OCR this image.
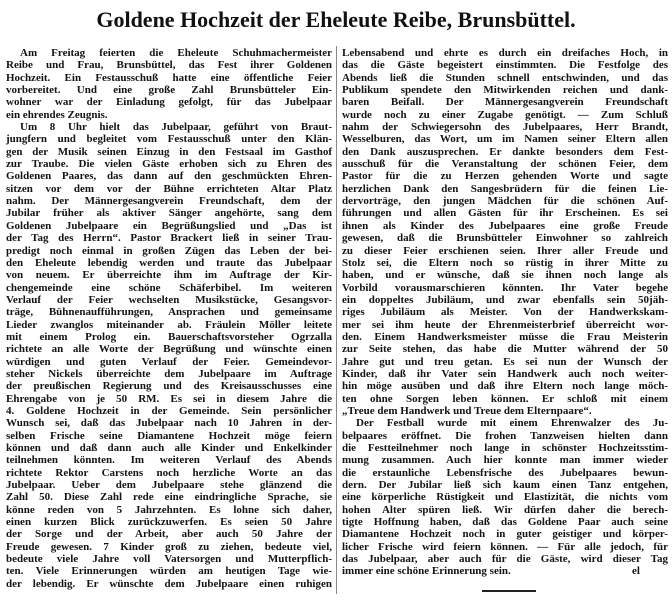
Goldene Hochzeit der Eheleute Reibe, Brunsbüttel.
Am Freitag feierten die Eheleute Schuhmachermeister
Reibe und Frau, Brunsbüttel, das Fest ihrer Goldenen
Hochzeit. Ein Festausschuß hatte eine öffentliche Feier
vorbereitet. Und eine große Zahl Brunsbütteler Ein-
wohner war der Einladung gefolgt, für das Jubelpaar
ein ehrendes Zeugnis.
Um 8 Uhr hielt das Jubelpaar, geführt von Braut-
jungfern und begleitet vom Festausschuß unter den Klän-
gen der Musik seinen Einzug in den Festsaal im Gasthof
zur Traube. Die vielen Gäste erhoben sich zu Ehren des
Goldenen Paares, das dann auf den geschmückten Ehren-
sitzen vor dem vor der Bühne errichteten Altar Platz
nahm. Der Männergesangverein Freundschaft, dem der
Jubilar früher als aktiver Sänger angehörte, sang dem
Goldenen Jubelpaare ein Begrüßungslied und „Das ist
der Tag des Herrn“. Pastor Brackert ließ in seiner Trau-
predigt noch einmal in großen Zügen das Leben der bei-
den Eheleute lebendig werden und traute das Jubelpaar
von neuem. Er überreichte ihm im Auftrage der Kir-
chengemeinde eine schöne Schäferbibel. Im weiteren
Verlauf der Feier wechselten Musikstücke, Gesangsvor-
träge, Bühnenaufführungen, Ansprachen und gemeinsame
Lieder zwanglos miteinander ab. Fräulein Möller leitete
mit einem Prolog ein. Bauerschaftsvorsteher Ogrzalla
richtete an alle Worte der Begrüßung und wünschte einen
würdigen und guten Verlauf der Feier. Gemeindevor-
steher Nickels überreichte dem Jubelpaare im Auftrage
der preußischen Regierung und des Kreisausschusses eine
Ehrengabe von je 50 RM. Es sei in diesem Jahre die
4. Goldene Hochzeit in der Gemeinde. Sein persönlicher
Wunsch sei, daß das Jubelpaar nach 10 Jahren in der-
selben Frische seine Diamantene Hochzeit möge feiern
können und daß dann auch alle Kinder und Enkelkinder
teilnehmen könnten. Im weiteren Verlauf des Abends
richtete Rektor Carstens noch herzliche Worte an das
Jubelpaar. Ueber dem Jubelpaare stehe glänzend die
Zahl 50. Diese Zahl rede eine eindringliche Sprache, sie
könne reden von 5 Jahrzehnten. Es lohne sich daher,
einen kurzen Blick zurückzuwerfen. Es seien 50 Jahre
der Sorge und der Arbeit, aber auch 50 Jahre der
Freude gewesen. 7 Kinder groß zu ziehen, bedeute viel,
bedeute viele Jahre voll Vatersorgen und Mutterpflich-
ten. Viele Erinnerungen würden am heutigen Tage wie-
der lebendig. Er wünschte dem Jubelpaare einen ruhigen
Lebensabend und ehrte es durch ein dreifaches Hoch, in
das die Gäste begeistert einstimmten. Die Festfolge des
Abends ließ die Stunden schnell entschwinden, und das
Publikum spendete den Mitwirkenden reichen und dank-
baren Beifall. Der Männergesangverein Freundschaft
wurde noch zu einer Zugabe genötigt. — Zum Schluß
nahm der Schwiegersohn des Jubelpaares, Herr Brandt,
Wesselburen, das Wort, um im Namen seiner Eltern allen
den Dank auszusprechen. Er dankte besonders dem Fest-
ausschuß für die Veranstaltung der schönen Feier, dem
Pastor für die zu Herzen gehenden Worte und sagte
herzlichen Dank den Sangesbrüdern für die feinen Lie-
dervorträge, den jungen Mädchen für die schönen Auf-
führungen und allen Gästen für ihr Erscheinen. Es sei
ihnen als Kinder des Jubelpaares eine große Freude
gewesen, daß die Brunsbütteler Einwohner so zahlreich
zu dieser Feier erschienen seien. Ihrer aller Freude und
Stolz sei, die Eltern noch so rüstig in ihrer Mitte zu
haben, und er wünsche, daß sie ihnen noch lange als
Vorbild vorausmarschieren könnten. Ihr Vater begehe
ein doppeltes Jubiläum, und zwar ebenfalls sein 50jäh-
riges Jubiläum als Meister. Von der Handwerkskam-
mer sei ihm heute der Ehrenmeisterbrief überreicht wor-
den. Einem Handwerksmeister müsse die Frau Meisterin
zur Seite stehen, das habe die Mutter während der 50
Jahre gut und treu getan. Es sei nun der Wunsch der
Kinder, daß ihr Vater sein Handwerk auch noch weiter-
hin möge ausüben und daß ihre Eltern noch lange möch-
ten ohne Sorgen leben können. Er schloß mit einem
„Treue dem Handwerk und Treue dem Elternpaare“.
Der Festball wurde mit einem Ehrenwalzer des Ju-
belpaares eröffnet. Die frohen Tanzweisen hielten dann
die Festteilnehmer noch lange in schönster Hochzeitsstim-
mung zusammen. Auch hier konnte man immer wieder
die erstaunliche Lebensfrische des Jubelpaares bewun-
dern. Der Jubilar ließ sich kaum einen Tanz entgehen,
eine körperliche Rüstigkeit und Elastizität, die nichts vom
hohen Alter spüren ließ. Wir dürfen daher die berech-
tigte Hoffnung haben, daß das Goldene Paar auch seine
Diamantene Hochzeit noch in guter geistiger und körper-
licher Frische wird feiern können. — Für alle jedoch, für
das Jubelpaar, aber auch für die Gäste, wird dieser Tag
immer eine schöne Erinnerung sein.	el
